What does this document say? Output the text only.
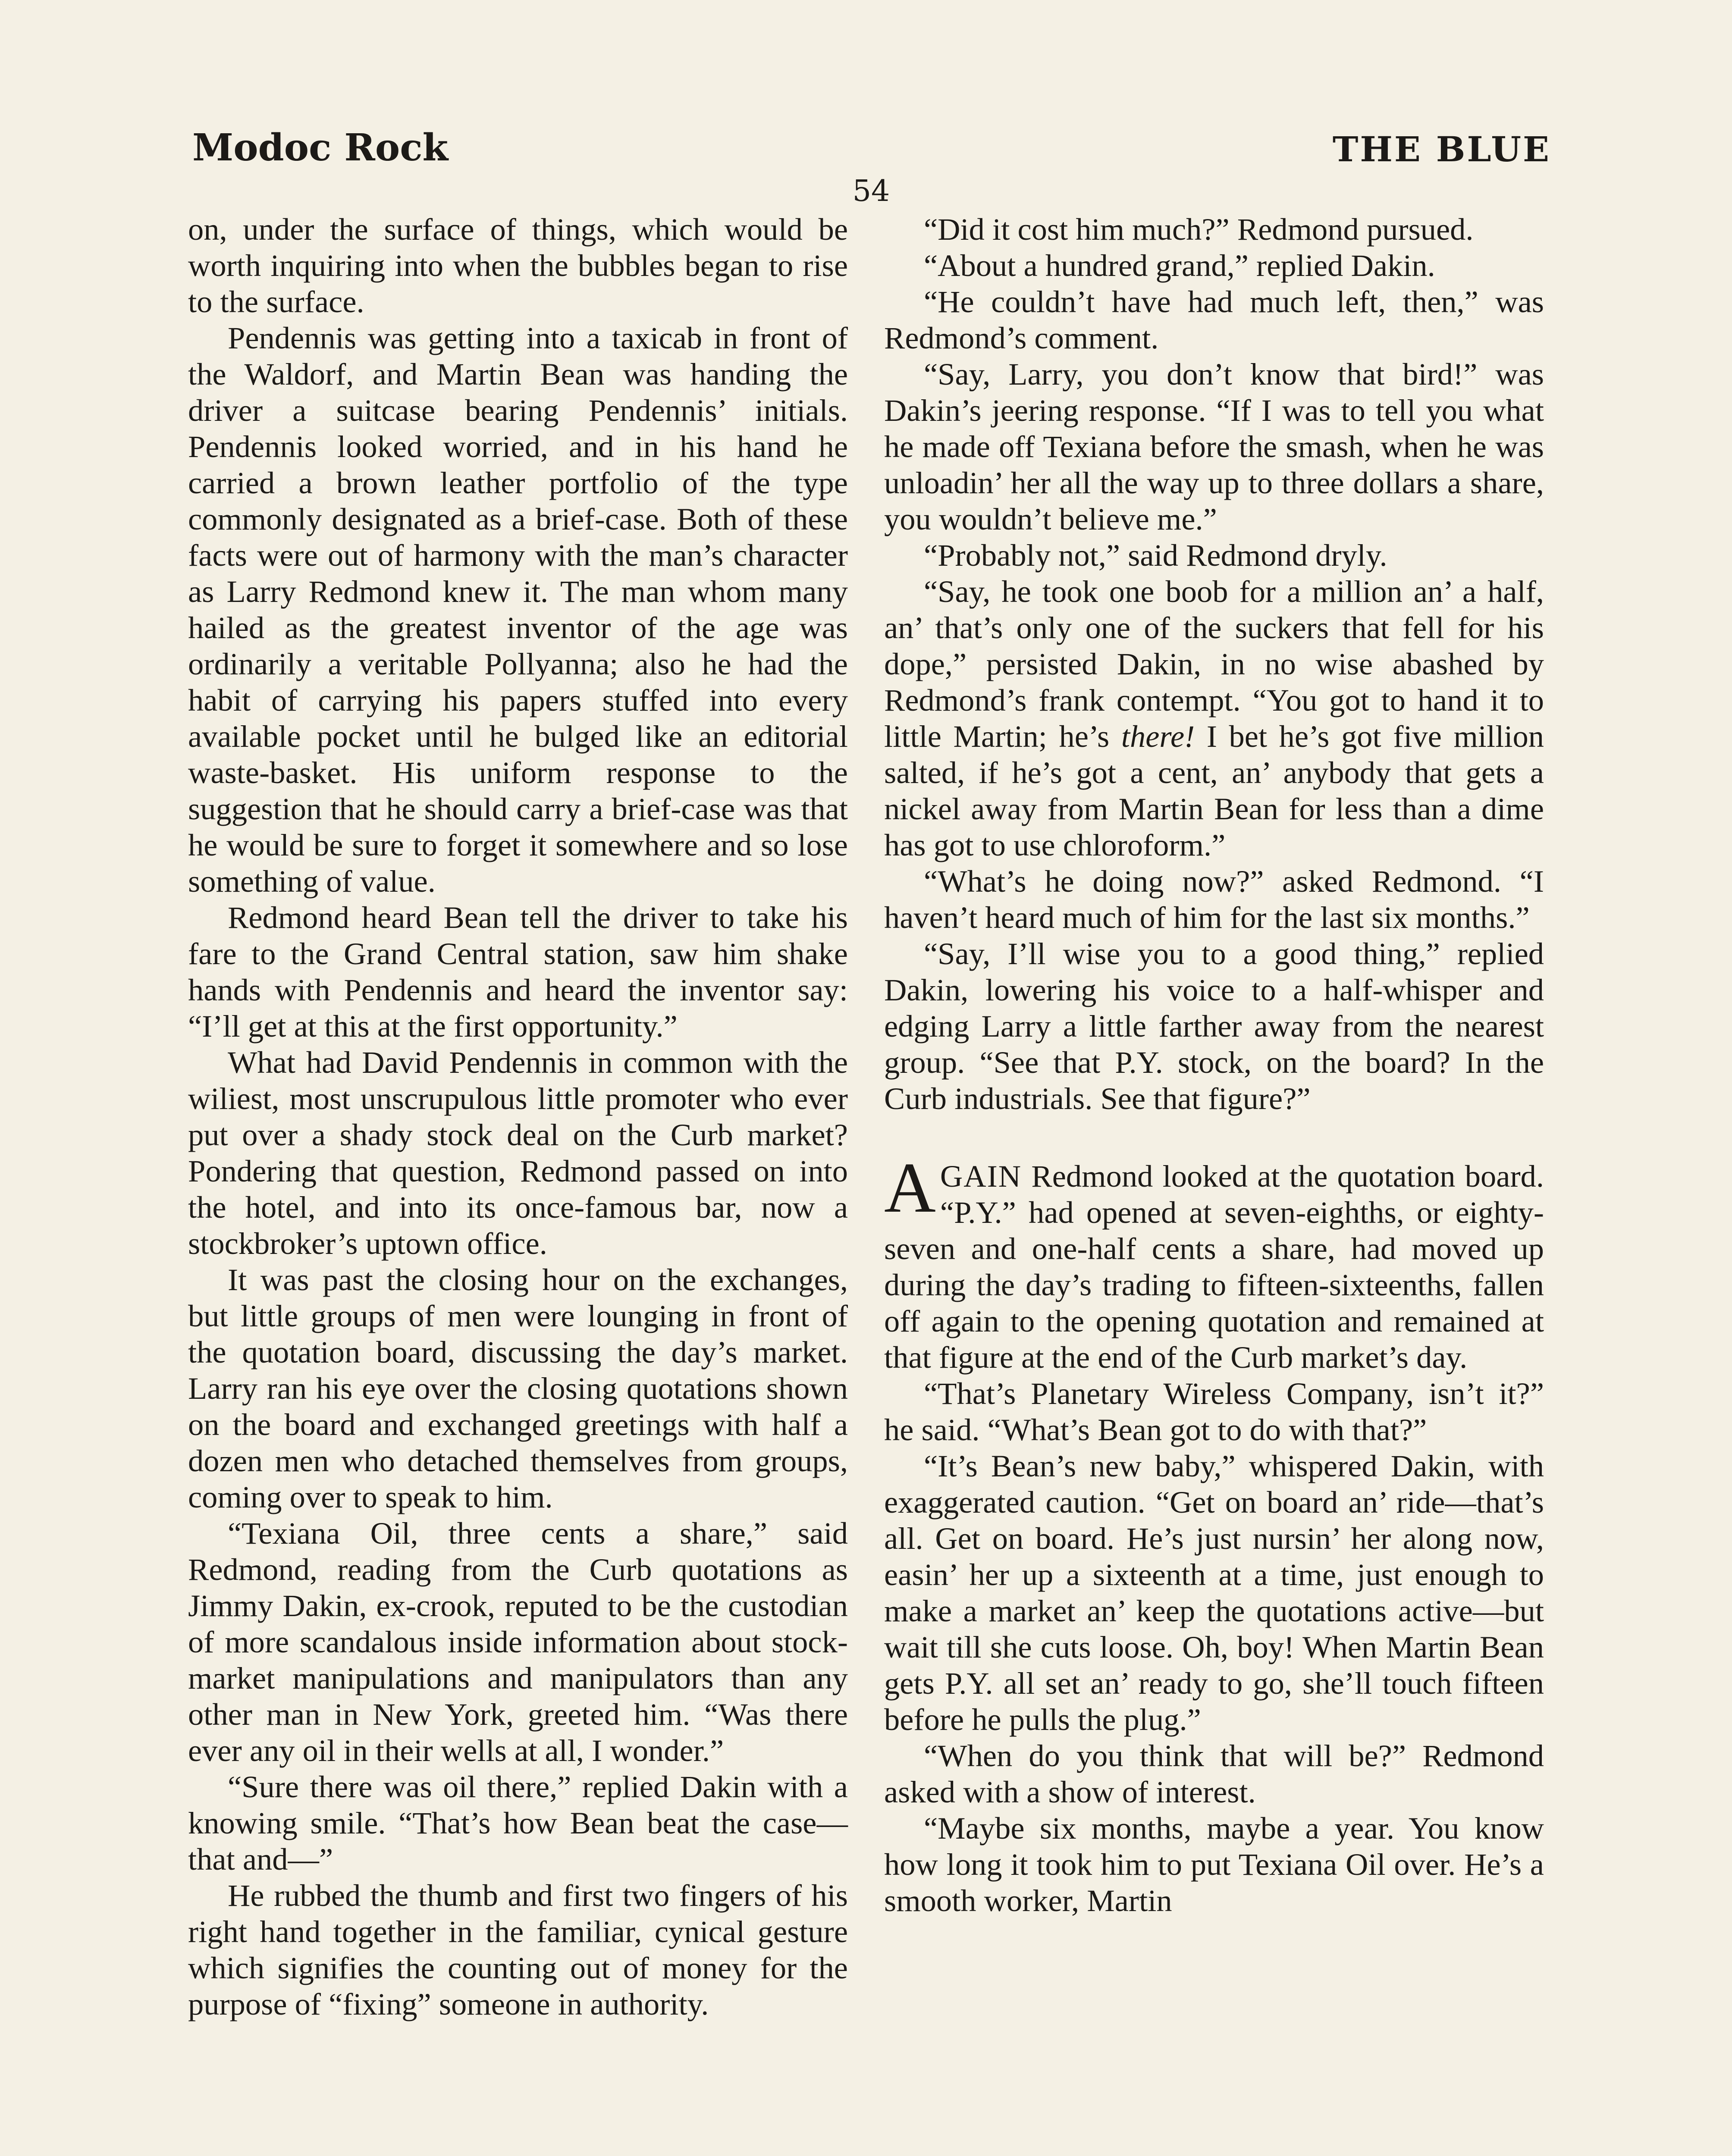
Modoc Rock	THE BLUE
54

on, under the surface of things, which would be worth inquiring into when the bubbles began to rise to the surface.

Pendennis was getting into a taxicab in front of the Waldorf, and Martin Bean was handing the driver a suitcase bearing Pendennis’ initials. Pendennis looked worried, and in his hand he carried a brown leather portfolio of the type commonly designated as a brief-case. Both of these facts were out of harmony with the man’s character as Larry Redmond knew it. The man whom many hailed as the greatest inventor of the age was ordinarily a veritable Pollyanna; also he had the habit of carrying his papers stuffed into every available pocket until he bulged like an editorial waste-basket. His uniform response to the suggestion that he should carry a brief-case was that he would be sure to forget it somewhere and so lose something of value.

Redmond heard Bean tell the driver to take his fare to the Grand Central station, saw him shake hands with Pendennis and heard the inventor say: “I’ll get at this at the first opportunity.”

What had David Pendennis in common with the wiliest, most unscrupulous little promoter who ever put over a shady stock deal on the Curb market? Pondering that question, Redmond passed on into the hotel, and into its once-famous bar, now a stockbroker’s uptown office.

It was past the closing hour on the exchanges, but little groups of men were lounging in front of the quotation board, discussing the day’s market. Larry ran his eye over the closing quotations shown on the board and exchanged greetings with half a dozen men who detached themselves from groups, coming over to speak to him.

“Texiana Oil, three cents a share,” said Redmond, reading from the Curb quotations as Jimmy Dakin, ex-crook, reputed to be the custodian of more scandalous inside information about stock-market manipulations and manipulators than any other man in New York, greeted him. “Was there ever any oil in their wells at all, I wonder.”

“Sure there was oil there,” replied Dakin with a knowing smile. “That’s how Bean beat the case—that and—”

He rubbed the thumb and first two fingers of his right hand together in the familiar, cynical gesture which signifies the counting out of money for the purpose of “fixing” someone in authority.

“Did it cost him much?” Redmond pursued.

“About a hundred grand,” replied Dakin.

“He couldn’t have had much left, then,” was Redmond’s comment.

“Say, Larry, you don’t know that bird!” was Dakin’s jeering response. “If I was to tell you what he made off Texiana before the smash, when he was unloadin’ her all the way up to three dollars a share, you wouldn’t believe me.”

“Probably not,” said Redmond dryly.

“Say, he took one boob for a million an’ a half, an’ that’s only one of the suckers that fell for his dope,” persisted Dakin, in no wise abashed by Redmond’s frank contempt. “You got to hand it to little Martin; he’s there! I bet he’s got five million salted, if he’s got a cent, an’ anybody that gets a nickel away from Martin Bean for less than a dime has got to use chloroform.”

“What’s he doing now?” asked Redmond. “I haven’t heard much of him for the last six months.”

“Say, I’ll wise you to a good thing,” replied Dakin, lowering his voice to a half-whisper and edging Larry a little farther away from the nearest group. “See that P.Y. stock, on the board? In the Curb industrials. See that figure?”

AGAIN Redmond looked at the quotation board. “P.Y.” had opened at seven-eighths, or eighty-seven and one-half cents a share, had moved up during the day’s trading to fifteen-sixteenths, fallen off again to the opening quotation and remained at that figure at the end of the Curb market’s day.

“That’s Planetary Wireless Company, isn’t it?” he said. “What’s Bean got to do with that?”

“It’s Bean’s new baby,” whispered Dakin, with exaggerated caution. “Get on board an’ ride—that’s all. Get on board. He’s just nursin’ her along now, easin’ her up a sixteenth at a time, just enough to make a market an’ keep the quotations active—but wait till she cuts loose. Oh, boy! When Martin Bean gets P.Y. all set an’ ready to go, she’ll touch fifteen before he pulls the plug.”

“When do you think that will be?” Redmond asked with a show of interest.

“Maybe six months, maybe a year. You know how long it took him to put Texiana Oil over. He’s a smooth worker, Martin
